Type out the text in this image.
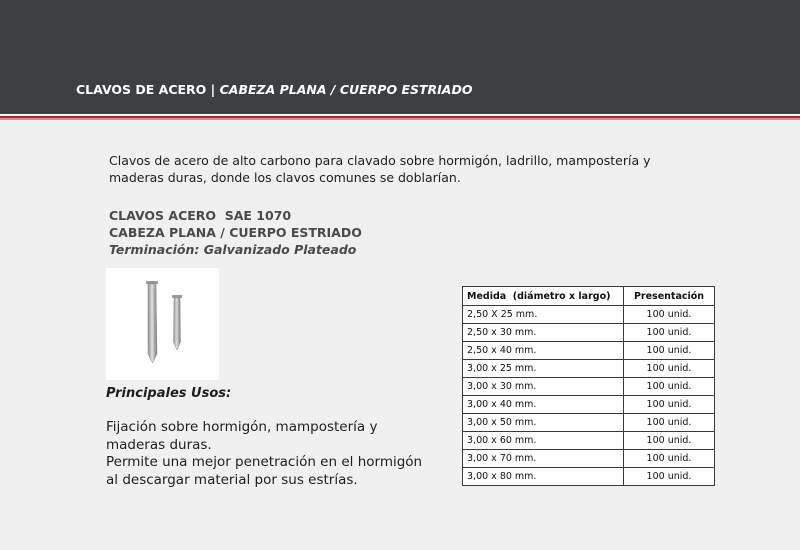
CLAVOS DE ACERO | CABEZA PLANA / CUERPO ESTRIADO
Clavos de acero de alto carbono para clavado sobre hormigón, ladrillo, mampostería y maderas duras, donde los clavos comunes se doblarían.
CLAVOS ACERO  SAE 1070
CABEZA PLANA / CUERPO ESTRIADO
Terminación: Galvanizado Plateado
Principales Usos:
Fijación sobre hormigón, mampostería y maderas duras.
Permite una mejor penetración en el hormigón al descargar material por sus estrías.
Medida  (diámetro x largo)	Presentación
2,50 X 25 mm.	100 unid.
2,50 x 30 mm.	100 unid.
2,50 x 40 mm.	100 unid.
3,00 x 25 mm.	100 unid.
3,00 x 30 mm.	100 unid.
3,00 x 40 mm.	100 unid.
3,00 x 50 mm.	100 unid.
3,00 x 60 mm.	100 unid.
3,00 x 70 mm.	100 unid.
3,00 x 80 mm.	100 unid.
